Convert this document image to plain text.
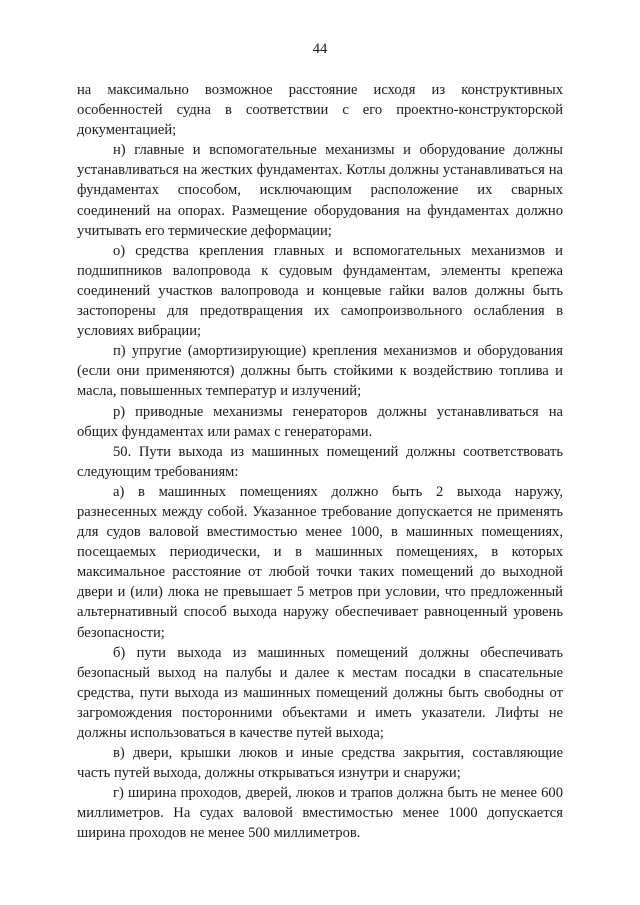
44

на максимально возможное расстояние исходя из конструктивных особенностей судна в соответствии с его проектно-конструкторской документацией;

н) главные и вспомогательные механизмы и оборудование должны устанавливаться на жестких фундаментах. Котлы должны устанавливаться на фундаментах способом, исключающим расположение их сварных соединений на опорах. Размещение оборудования на фундаментах должно учитывать его термические деформации;

о) средства крепления главных и вспомогательных механизмов и подшипников валопровода к судовым фундаментам, элементы крепежа соединений участков валопровода и концевые гайки валов должны быть застопорены для предотвращения их самопроизвольного ослабления в условиях вибрации;

п) упругие (амортизирующие) крепления механизмов и оборудования (если они применяются) должны быть стойкими к воздействию топлива и масла, повышенных температур и излучений;

р) приводные механизмы генераторов должны устанавливаться на общих фундаментах или рамах с генераторами.

50. Пути выхода из машинных помещений должны соответствовать следующим требованиям:

а) в машинных помещениях должно быть 2 выхода наружу, разнесенных между собой. Указанное требование допускается не применять для судов валовой вместимостью менее 1000, в машинных помещениях, посещаемых периодически, и в машинных помещениях, в которых максимальное расстояние от любой точки таких помещений до выходной двери и (или) люка не превышает 5 метров при условии, что предложенный альтернативный способ выхода наружу обеспечивает равноценный уровень безопасности;

б) пути выхода из машинных помещений должны обеспечивать безопасный выход на палубы и далее к местам посадки в спасательные средства, пути выхода из машинных помещений должны быть свободны от загромождения посторонними объектами и иметь указатели. Лифты не должны использоваться в качестве путей выхода;

в) двери, крышки люков и иные средства закрытия, составляющие часть путей выхода, должны открываться изнутри и снаружи;

г) ширина проходов, дверей, люков и трапов должна быть не менее 600 миллиметров. На судах валовой вместимостью менее 1000 допускается ширина проходов не менее 500 миллиметров.
